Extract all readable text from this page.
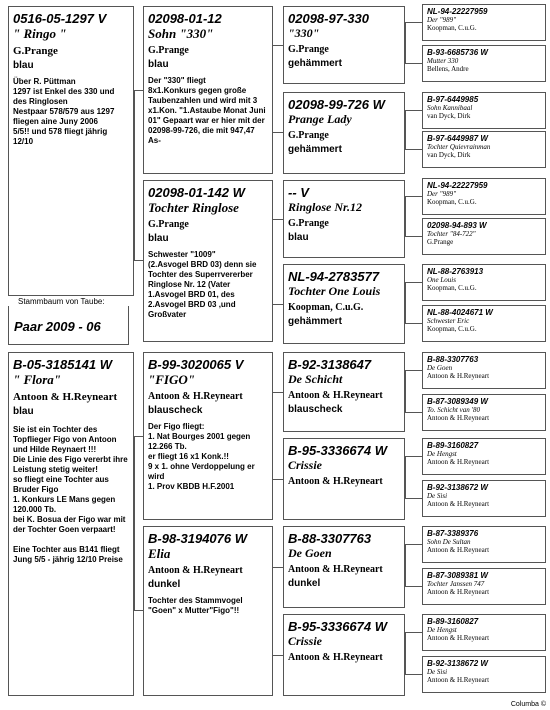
0516-05-1297 V
" Ringo "
G.Prange
blau
Über R. Püttman
1297 ist Enkel des 330 und des Ringlosen
Nestpaar 578/579 aus 1297 fliegen aine Juny 2006
5/5!! und 578 fliegt jährig
12/10
02098-01-12
Sohn "330"
G.Prange
blau
Der "330" fliegt
8x1.Konkurs gegen große Taubenzahlen und wird mit 3 x1.Kon. "1.Astaube Monat Juni 01" Gepaart war er hier mit der 02098-99-726, die mit 947,47 As-
02098-01-142 W
Tochter Ringlose
G.Prange
blau
Schwester "1009"
(2.Asvogel BRD 03) denn sie Tochter des Superrvererber Ringlose Nr. 12 (Vater 1.Asvogel BRD 01, des 2.Asvogel BRD 03 ,und Großvater
02098-97-330
"330"
G.Prange
gehämmert
02098-99-726 W
Prange Lady
G.Prange
gehämmert
-- V
Ringlose Nr.12
G.Prange
blau
NL-94-2783577
Tochter One Louis
Koopman, C.u.G.
gehämmert
NL-94-22227959
Der "989"
Koopman, C.u.G.
B-93-6685736 W
Mutter 330
Bellens, Andre
B-97-6449985
Sohn Kannibaal
van Dyck, Dirk
B-97-6449987 W
Tochter Quievrainman
van Dyck, Dirk
NL-94-22227959
Der "989"
Koopman, C.u.G.
02098-94-893 W
Tochter "84-722"
G.Prange
NL-88-2763913
One Louis
Koopman, C.u.G.
NL-88-4024671 W
Schwester Eric
Koopman, C.u.G.
Stammbaum von Taube:
Paar 2009 - 06
B-05-3185141 W
" Flora"
Antoon & H.Reyneart
blau
Sie ist ein Tochter des Topflieger Figo von Antoon und Hilde Reynaert !!!
Die Linie des Figo vererbt ihre Leistung stetig weiter!
so fliegt eine Tochter aus Bruder Figo
1. Konkurs LE Mans gegen 120.000 Tb.
bei K. Bosua der Figo war mit der Tochter Goen verpaart!

Eine Tochter aus B141 fliegt Jung 5/5 - jährig 12/10 Preise
B-99-3020065 V
"FIGO"
Antoon & H.Reyneart
blauscheck
Der Figo fliegt:
1. Nat Bourges 2001 gegen 12.266 Tb.
er fliegt 16 x1 Konk.!!
9 x 1. ohne Verdoppelung er wird
1. Prov KBDB H.F.2001
B-98-3194076 W
Elia
Antoon & H.Reyneart
dunkel
Tochter des Stammvogel "Goen" x Mutter"Figo"!!
B-92-3138647
De Schicht
Antoon & H.Reyneart
blauscheck
B-95-3336674 W
Crissie
Antoon & H.Reyneart
B-88-3307763
De Goen
Antoon & H.Reyneart
dunkel
B-95-3336674 W
Crissie
Antoon & H.Reyneart
B-88-3307763
De Goen
Antoon & H.Reyneart
B-87-3089349 W
To. Schicht van '80
Antoon & H.Reyneart
B-89-3160827
De Hengst
Antoon & H.Reyneart
B-92-3138672 W
De Sisi
Antoon & H.Reyneart
B-87-3389376
Sohn De Sultan
Antoon & H.Reyneart
B-87-3089381 W
Tochter Janssen 747
Antoon & H.Reyneart
B-89-3160827
De Hengst
Antoon & H.Reyneart
B-92-3138672 W
De Sisi
Antoon & H.Reyneart
Columba ©
